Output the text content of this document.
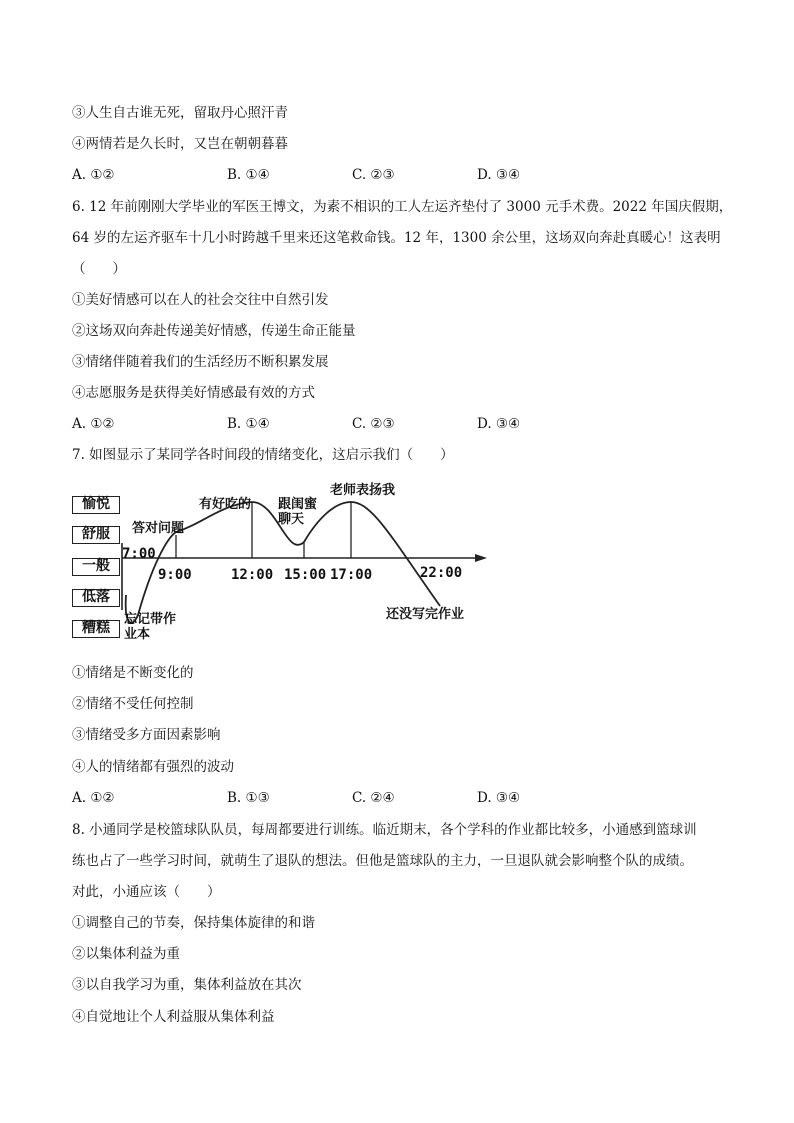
③人生自古谁无死，留取丹心照汗青
④两情若是久长时，又岂在朝朝暮暮
A. ①②	B. ①④	C. ②③	D. ③④
6. 12 年前刚刚大学毕业的军医王博文，为素不相识的工人左运齐垫付了 3000 元手术费。2022 年国庆假期，
64 岁的左运齐驱车十几小时跨越千里来还这笔救命钱。12 年，1300 余公里，这场双向奔赴真暖心！这表明
（　　）
①美好情感可以在人的社会交往中自然引发
②这场双向奔赴传递美好情感，传递生命正能量
③情绪伴随着我们的生活经历不断积累发展
④志愿服务是获得美好情感最有效的方式
A. ①②	B. ①④	C. ②③	D. ③④
7. 如图显示了某同学各时间段的情绪变化，这启示我们（　　）
愉悦
舒服
一般
低落
糟糕
7:00
9:00	12:00 15:00 17:00	22:00
忘记带作业本
答对问题
有好吃的 跟闺蜜聊天
老师表扬我
还没写完作业
①情绪是不断变化的
②情绪不受任何控制
③情绪受多方面因素影响
④人的情绪都有强烈的波动
A. ①②	B. ①③	C. ②④	D. ③④
8. 小通同学是校篮球队队员，每周都要进行训练。临近期末，各个学科的作业都比较多，小通感到篮球训
练也占了一些学习时间，就萌生了退队的想法。但他是篮球队的主力，一旦退队就会影响整个队的成绩。
对此，小通应该（　　）
①调整自己的节奏，保持集体旋律的和谐
②以集体利益为重
③以自我学习为重，集体利益放在其次
④自觉地让个人利益服从集体利益
